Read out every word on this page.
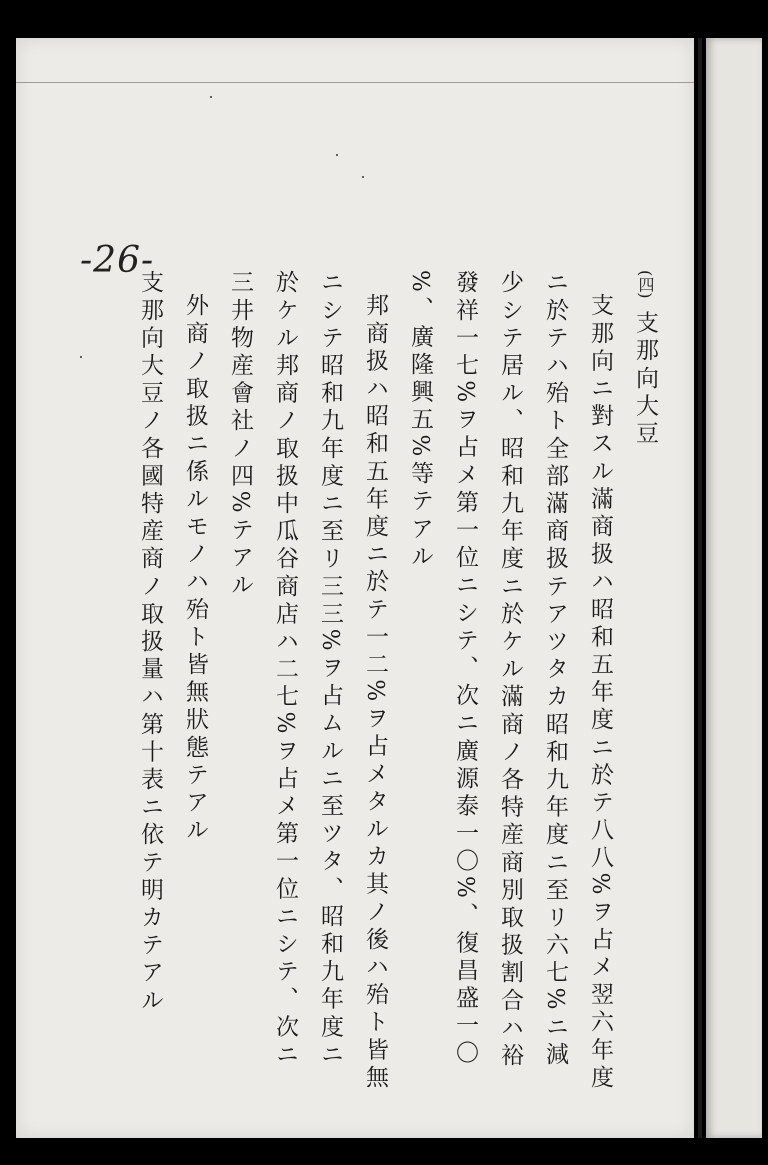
-26-
(四) 支那向大豆
支那向ニ對スル滿商扱ハ昭和五年度ニ於テ八八%ヲ占メ翌六年度
ニ於テハ殆ト全部滿商扱テアツタカ昭和九年度ニ至リ六七%ニ減
少シテ居ル、昭和九年度ニ於ケル滿商ノ各特産商別取扱割合ハ裕
發祥一七%ヲ占メ第一位ニシテ、次ニ廣源泰一〇%、復昌盛一〇
%、廣隆興五%等テアル
邦商扱ハ昭和五年度ニ於テ一二%ヲ占メタルカ其ノ後ハ殆ト皆無
ニシテ昭和九年度ニ至リ三三%ヲ占ムルニ至ツタ、昭和九年度ニ
於ケル邦商ノ取扱中瓜谷商店ハ二七%ヲ占メ第一位ニシテ、次ニ
三井物産會社ノ四%テアル
外商ノ取扱ニ係ルモノハ殆ト皆無狀態テアル
支那向大豆ノ各國特産商ノ取扱量ハ第十表ニ依テ明カテアル
